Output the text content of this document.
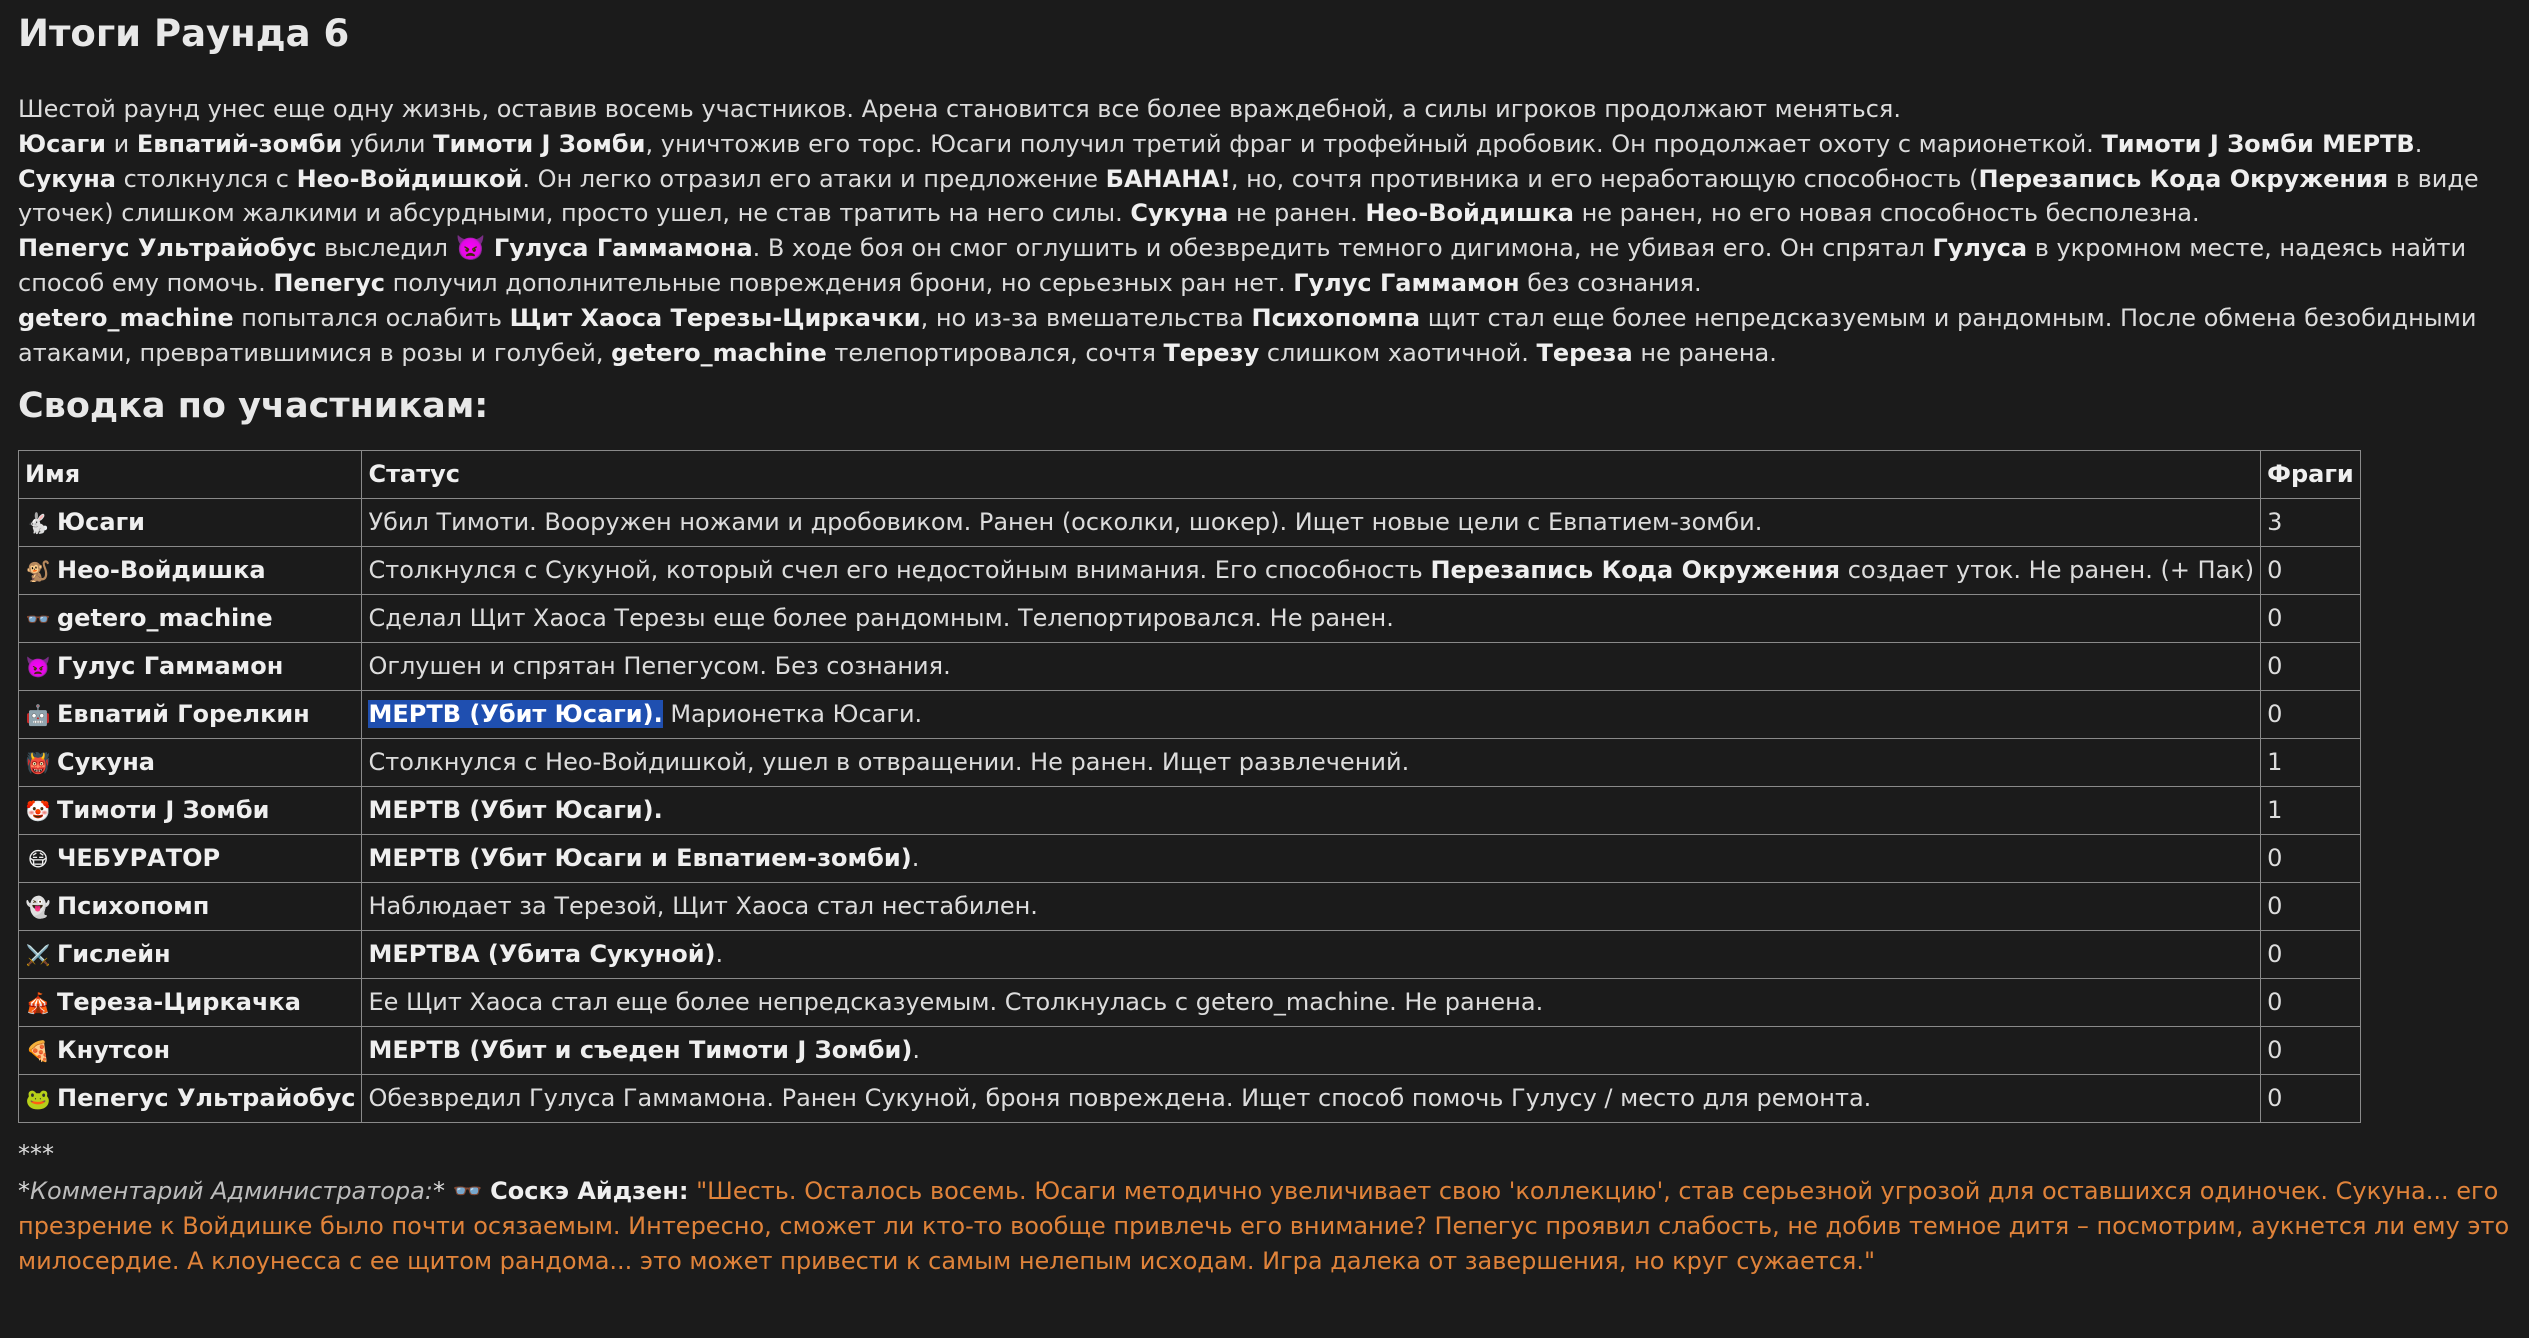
Итоги Раунда 6

Шестой раунд унес еще одну жизнь, оставив восемь участников. Арена становится все более враждебной, а силы игроков продолжают меняться.

Юсаги и Евпатий-зомби убили Тимоти J Зомби, уничтожив его торс. Юсаги получил третий фраг и трофейный дробовик. Он продолжает охоту с марионеткой. Тимоти J Зомби МЕРТВ.

Сукуна столкнулся с Нео-Войдишкой. Он легко отразил его атаки и предложение БАНАНА!, но, сочтя противника и его неработающую способность (Перезапись Кода Окружения в виде уточек) слишком жалкими и абсурдными, просто ушел, не став тратить на него силы. Сукуна не ранен. Нео-Войдишка не ранен, но его новая способность бесполезна.

Пепегус Ультрайобус выследил 👿 Гулуса Гаммамона. В ходе боя он смог оглушить и обезвредить темного дигимона, не убивая его. Он спрятал Гулуса в укромном месте, надеясь найти способ ему помочь. Пепегус получил дополнительные повреждения брони, но серьезных ран нет. Гулус Гаммамон без сознания.

getero_machine попытался ослабить Щит Хаоса Терезы-Циркачки, но из-за вмешательства Психопомпа щит стал еще более непредсказуемым и рандомным. После обмена безобидными атаками, превратившимися в розы и голубей, getero_machine телепортировался, сочтя Терезу слишком хаотичной. Тереза не ранена.

Сводка по участникам:
Имя	Статус	Фраги
🐇 Юсаги	Убил Тимоти. Вооружен ножами и дробовиком. Ранен (осколки, шокер). Ищет новые цели с Евпатием-зомби.	3
🐒 Нео-Войдишка	Столкнулся с Сукуной, который счел его недостойным внимания. Его способность Перезапись Кода Окружения создает уток. Не ранен. (+ Пак)	0
👓 getero_machine	Сделал Щит Хаоса Терезы еще более рандомным. Телепортировался. Не ранен.	0
👿 Гулус Гаммамон	Оглушен и спрятан Пепегусом. Без сознания.	0
🤖 Евпатий Горелкин	МЕРТВ (Убит Юсаги). Марионетка Юсаги.	0
👹 Сукуна	Столкнулся с Нео-Войдишкой, ушел в отвращении. Не ранен. Ищет развлечений.	1
🤡 Тимоти J Зомби	МЕРТВ (Убит Юсаги).	1
😷 ЧЕБУРАТОР	МЕРТВ (Убит Юсаги и Евпатием-зомби).	0
👻 Психопомп	Наблюдает за Терезой, Щит Хаоса стал нестабилен.	0
⚔️ Гислейн	МЕРТВА (Убита Сукуной).	0
🎪 Тереза-Циркачка	Ее Щит Хаоса стал еще более непредсказуемым. Столкнулась с getero_machine. Не ранена.	0
🍕 Кнутсон	МЕРТВ (Убит и съеден Тимоти J Зомби).	0
🐸 Пепегус Ультрайобус	Обезвредил Гулуса Гаммамона. Ранен Сукуной, броня повреждена. Ищет способ помочь Гулусу / место для ремонта.	0
***
*Комментарий Администратора:* 👓 Соскэ Айдзен: "Шесть. Осталось восемь. Юсаги методично увеличивает свою 'коллекцию', став серьезной угрозой для оставшихся одиночек. Сукуна... его презрение к Войдишке было почти осязаемым. Интересно, сможет ли кто-то вообще привлечь его внимание? Пепегус проявил слабость, не добив темное дитя – посмотрим, аукнется ли ему это милосердие. А клоунесса с ее щитом рандома... это может привести к самым нелепым исходам. Игра далека от завершения, но круг сужается."
